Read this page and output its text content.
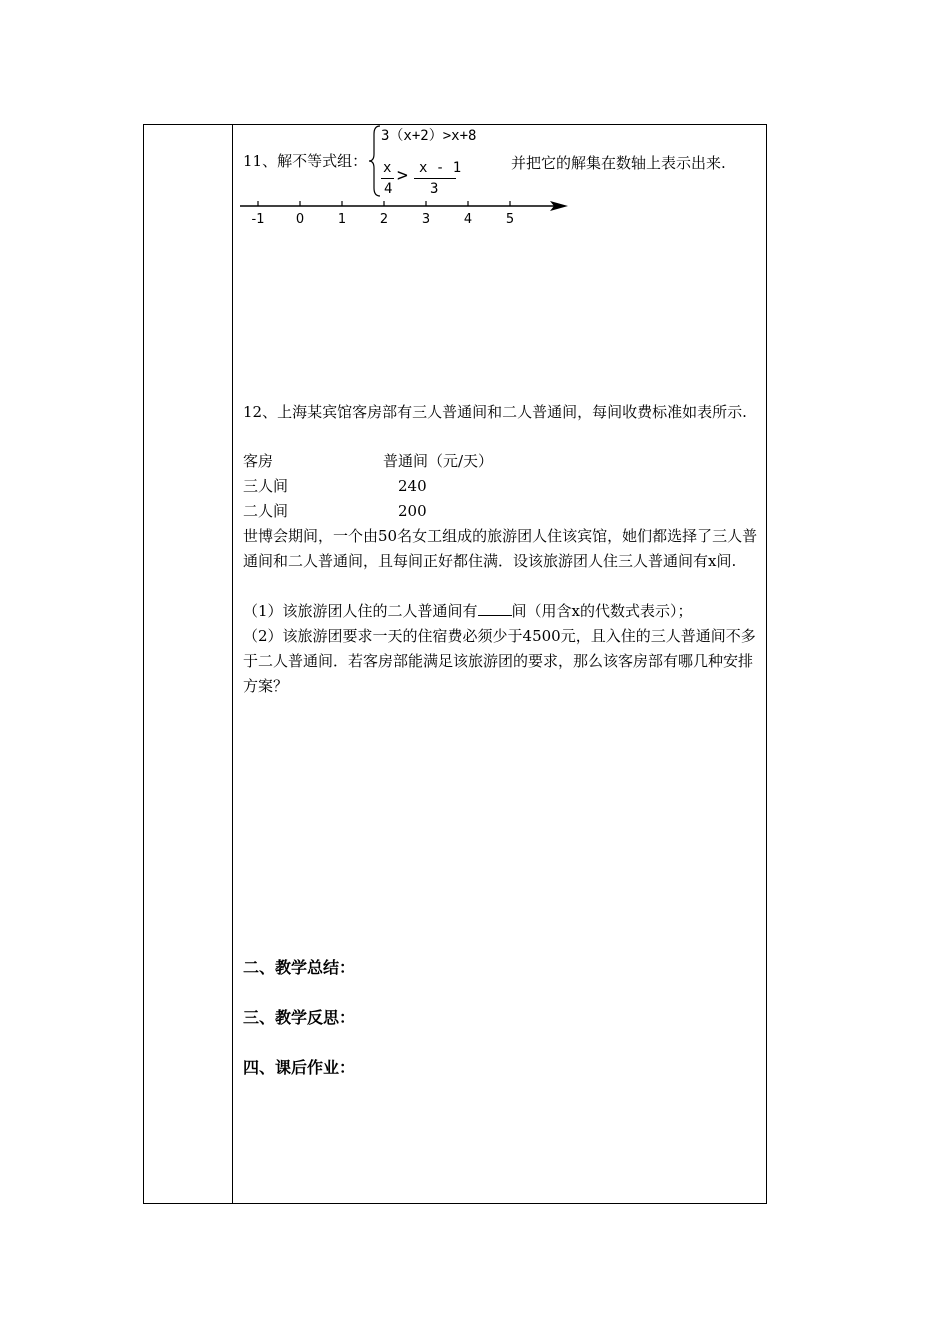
11、解不等式组：
3（x+2）>x+8
x
4
> x - 1
3
并把它的解集在数轴上表示出来.
-1	0	1	2	3	4	5
12、上海某宾馆客房部有三人普通间和二人普通间，每间收费标准如表所示.
客房	普通间（元/天）
三人间	240
二人间	200
世博会期间，一个由50名女工组成的旅游团人住该宾馆，她们都选择了三人普通间和二人普通间，且每间正好都住满．设该旅游团人住三人普通间有x间.
（1）该旅游团人住的二人普通间有 间（用含x的代数式表示）；
（2）该旅游团要求一天的住宿费必须少于4500元，且入住的三人普通间不多于二人普通间．若客房部能满足该旅游团的要求，那么该客房部有哪几种安排方案？
二、教学总结：
三、教学反思：
四、课后作业：
